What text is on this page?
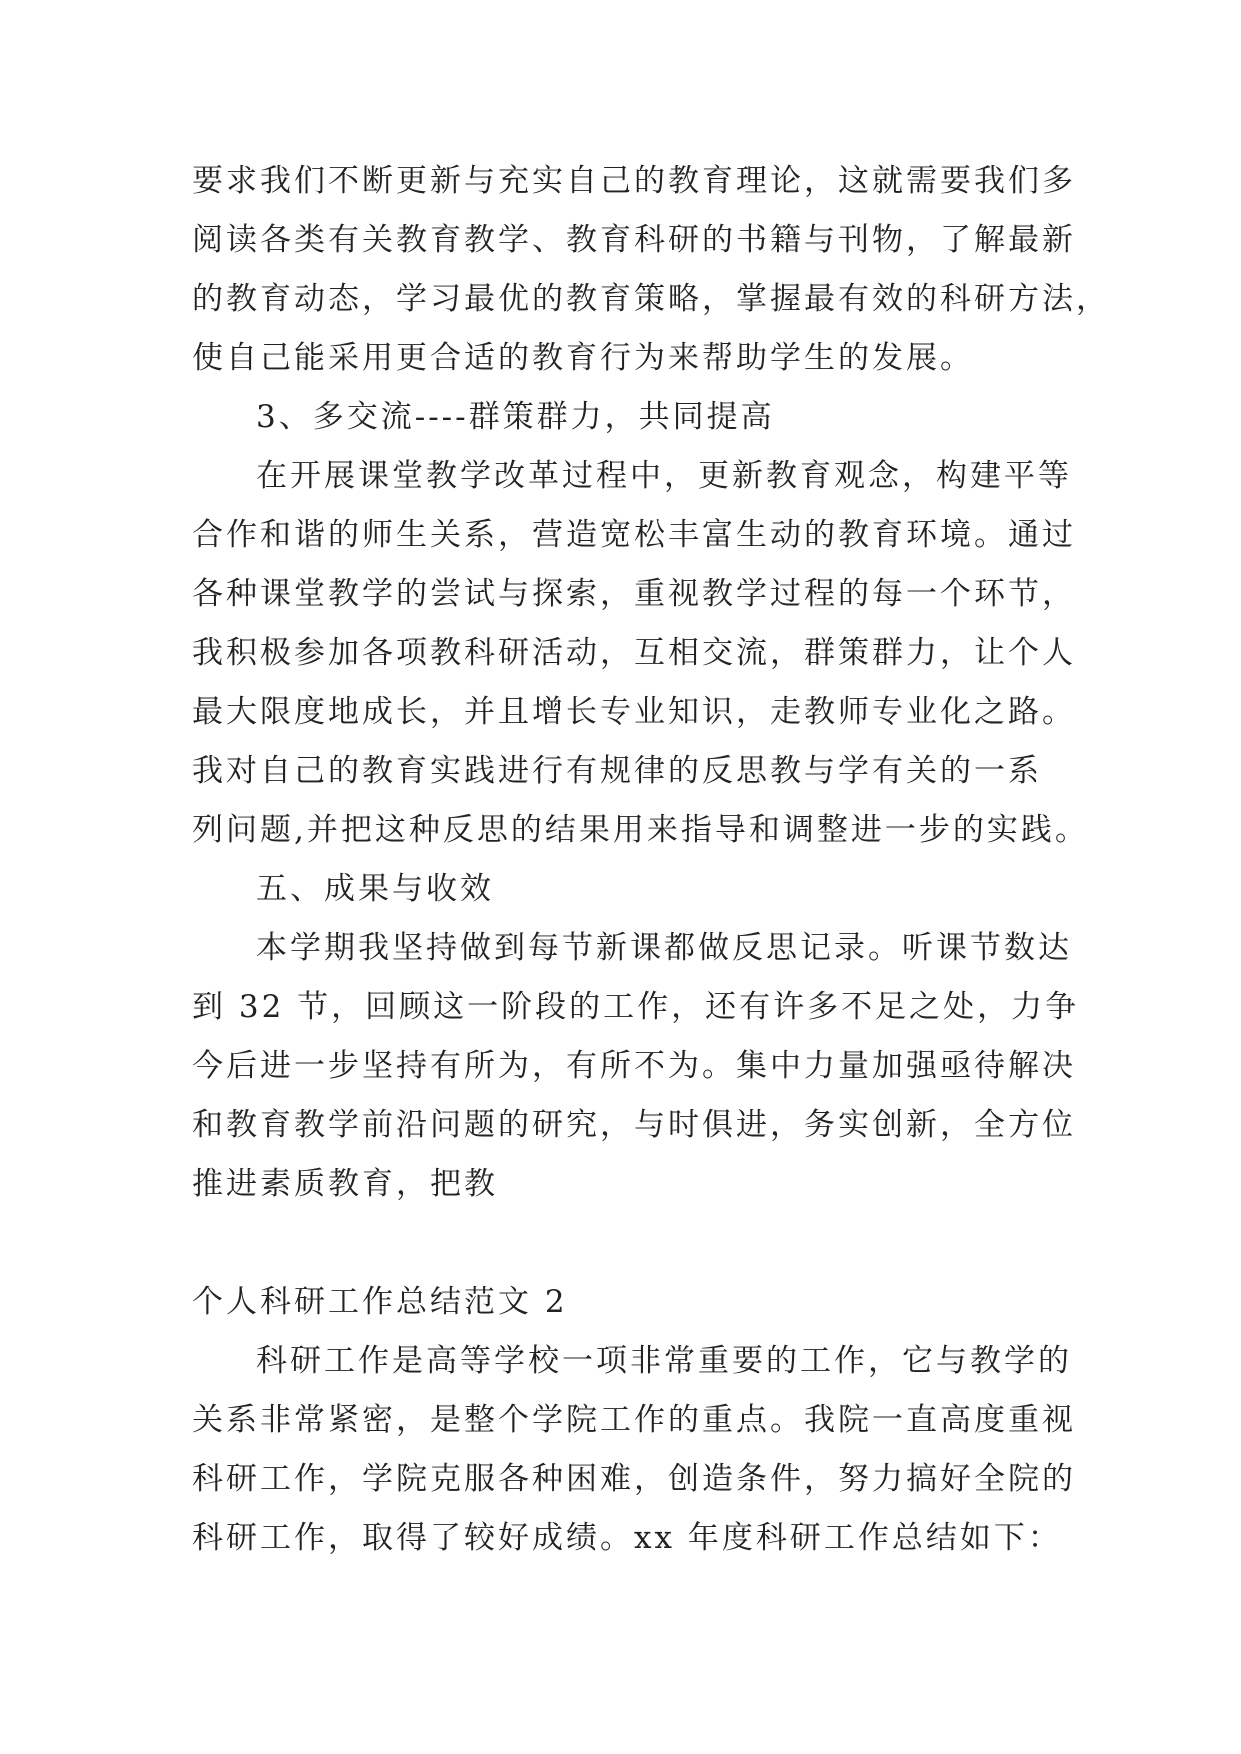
要求我们不断更新与充实自己的教育理论，这就需要我们多
阅读各类有关教育教学、教育科研的书籍与刊物，了解最新
的教育动态，学习最优的教育策略，掌握最有效的科研方法，
使自己能采用更合适的教育行为来帮助学生的发展。
3、多交流----群策群力，共同提高
在开展课堂教学改革过程中，更新教育观念，构建平等
合作和谐的师生关系，营造宽松丰富生动的教育环境。通过
各种课堂教学的尝试与探索，重视教学过程的每一个环节，
我积极参加各项教科研活动，互相交流，群策群力，让个人
最大限度地成长，并且增长专业知识，走教师专业化之路。
我对自己的教育实践进行有规律的反思教与学有关的一系
列问题,并把这种反思的结果用来指导和调整进一步的实践。
五、成果与收效
本学期我坚持做到每节新课都做反思记录。听课节数达
到 32 节，回顾这一阶段的工作，还有许多不足之处，力争
今后进一步坚持有所为，有所不为。集中力量加强亟待解决
和教育教学前沿问题的研究，与时俱进，务实创新，全方位
推进素质教育，把教
个人科研工作总结范文 2
科研工作是高等学校一项非常重要的工作，它与教学的
关系非常紧密，是整个学院工作的重点。我院一直高度重视
科研工作，学院克服各种困难，创造条件，努力搞好全院的
科研工作，取得了较好成绩。xx 年度科研工作总结如下：
